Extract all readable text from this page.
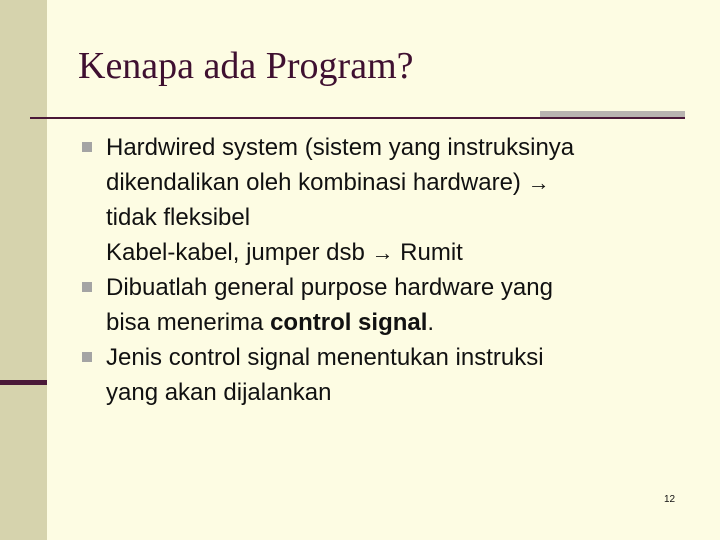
Kenapa ada Program?
Hardwired system (sistem yang instruksinya
dikendalikan oleh kombinasi hardware) →
tidak fleksibel
Kabel-kabel, jumper dsb → Rumit
Dibuatlah general purpose hardware yang
bisa menerima control signal.
Jenis control signal menentukan instruksi
yang akan dijalankan
12
